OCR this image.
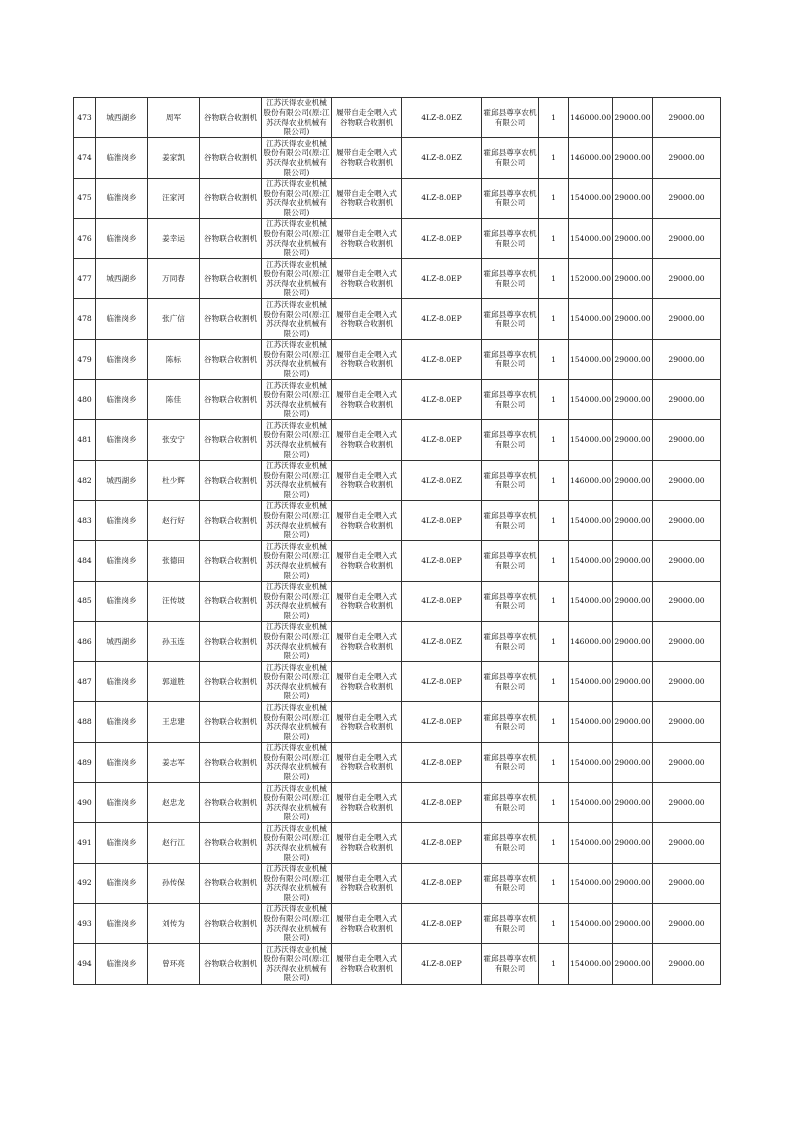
473	城西湖乡	周军	谷物联合收割机	江苏沃得农业机械股份有限公司(原:江苏沃得农业机械有限公司)	履带自走全喂入式谷物联合收割机	4LZ-8.0EZ	霍邱县尊享农机有限公司	1	146000.00	29000.00	29000.00
474	临淮岗乡	姜家凯	谷物联合收割机	江苏沃得农业机械股份有限公司(原:江苏沃得农业机械有限公司)	履带自走全喂入式谷物联合收割机	4LZ-8.0EZ	霍邱县尊享农机有限公司	1	146000.00	29000.00	29000.00
475	临淮岗乡	汪家河	谷物联合收割机	江苏沃得农业机械股份有限公司(原:江苏沃得农业机械有限公司)	履带自走全喂入式谷物联合收割机	4LZ-8.0EP	霍邱县尊享农机有限公司	1	154000.00	29000.00	29000.00
476	临淮岗乡	姜幸运	谷物联合收割机	江苏沃得农业机械股份有限公司(原:江苏沃得农业机械有限公司)	履带自走全喂入式谷物联合收割机	4LZ-8.0EP	霍邱县尊享农机有限公司	1	154000.00	29000.00	29000.00
477	城西湖乡	万同春	谷物联合收割机	江苏沃得农业机械股份有限公司(原:江苏沃得农业机械有限公司)	履带自走全喂入式谷物联合收割机	4LZ-8.0EP	霍邱县尊享农机有限公司	1	152000.00	29000.00	29000.00
478	临淮岗乡	张广信	谷物联合收割机	江苏沃得农业机械股份有限公司(原:江苏沃得农业机械有限公司)	履带自走全喂入式谷物联合收割机	4LZ-8.0EP	霍邱县尊享农机有限公司	1	154000.00	29000.00	29000.00
479	临淮岗乡	陈标	谷物联合收割机	江苏沃得农业机械股份有限公司(原:江苏沃得农业机械有限公司)	履带自走全喂入式谷物联合收割机	4LZ-8.0EP	霍邱县尊享农机有限公司	1	154000.00	29000.00	29000.00
480	临淮岗乡	陈佳	谷物联合收割机	江苏沃得农业机械股份有限公司(原:江苏沃得农业机械有限公司)	履带自走全喂入式谷物联合收割机	4LZ-8.0EP	霍邱县尊享农机有限公司	1	154000.00	29000.00	29000.00
481	临淮岗乡	张安宁	谷物联合收割机	江苏沃得农业机械股份有限公司(原:江苏沃得农业机械有限公司)	履带自走全喂入式谷物联合收割机	4LZ-8.0EP	霍邱县尊享农机有限公司	1	154000.00	29000.00	29000.00
482	城西湖乡	杜少辉	谷物联合收割机	江苏沃得农业机械股份有限公司(原:江苏沃得农业机械有限公司)	履带自走全喂入式谷物联合收割机	4LZ-8.0EZ	霍邱县尊享农机有限公司	1	146000.00	29000.00	29000.00
483	临淮岗乡	赵行好	谷物联合收割机	江苏沃得农业机械股份有限公司(原:江苏沃得农业机械有限公司)	履带自走全喂入式谷物联合收割机	4LZ-8.0EP	霍邱县尊享农机有限公司	1	154000.00	29000.00	29000.00
484	临淮岗乡	张德田	谷物联合收割机	江苏沃得农业机械股份有限公司(原:江苏沃得农业机械有限公司)	履带自走全喂入式谷物联合收割机	4LZ-8.0EP	霍邱县尊享农机有限公司	1	154000.00	29000.00	29000.00
485	临淮岗乡	汪传坡	谷物联合收割机	江苏沃得农业机械股份有限公司(原:江苏沃得农业机械有限公司)	履带自走全喂入式谷物联合收割机	4LZ-8.0EP	霍邱县尊享农机有限公司	1	154000.00	29000.00	29000.00
486	城西湖乡	孙玉连	谷物联合收割机	江苏沃得农业机械股份有限公司(原:江苏沃得农业机械有限公司)	履带自走全喂入式谷物联合收割机	4LZ-8.0EZ	霍邱县尊享农机有限公司	1	146000.00	29000.00	29000.00
487	临淮岗乡	郭道胜	谷物联合收割机	江苏沃得农业机械股份有限公司(原:江苏沃得农业机械有限公司)	履带自走全喂入式谷物联合收割机	4LZ-8.0EP	霍邱县尊享农机有限公司	1	154000.00	29000.00	29000.00
488	临淮岗乡	王忠建	谷物联合收割机	江苏沃得农业机械股份有限公司(原:江苏沃得农业机械有限公司)	履带自走全喂入式谷物联合收割机	4LZ-8.0EP	霍邱县尊享农机有限公司	1	154000.00	29000.00	29000.00
489	临淮岗乡	姜志军	谷物联合收割机	江苏沃得农业机械股份有限公司(原:江苏沃得农业机械有限公司)	履带自走全喂入式谷物联合收割机	4LZ-8.0EP	霍邱县尊享农机有限公司	1	154000.00	29000.00	29000.00
490	临淮岗乡	赵忠龙	谷物联合收割机	江苏沃得农业机械股份有限公司(原:江苏沃得农业机械有限公司)	履带自走全喂入式谷物联合收割机	4LZ-8.0EP	霍邱县尊享农机有限公司	1	154000.00	29000.00	29000.00
491	临淮岗乡	赵行江	谷物联合收割机	江苏沃得农业机械股份有限公司(原:江苏沃得农业机械有限公司)	履带自走全喂入式谷物联合收割机	4LZ-8.0EP	霍邱县尊享农机有限公司	1	154000.00	29000.00	29000.00
492	临淮岗乡	孙传保	谷物联合收割机	江苏沃得农业机械股份有限公司(原:江苏沃得农业机械有限公司)	履带自走全喂入式谷物联合收割机	4LZ-8.0EP	霍邱县尊享农机有限公司	1	154000.00	29000.00	29000.00
493	临淮岗乡	刘传为	谷物联合收割机	江苏沃得农业机械股份有限公司(原:江苏沃得农业机械有限公司)	履带自走全喂入式谷物联合收割机	4LZ-8.0EP	霍邱县尊享农机有限公司	1	154000.00	29000.00	29000.00
494	临淮岗乡	曾环亮	谷物联合收割机	江苏沃得农业机械股份有限公司(原:江苏沃得农业机械有限公司)	履带自走全喂入式谷物联合收割机	4LZ-8.0EP	霍邱县尊享农机有限公司	1	154000.00	29000.00	29000.00
